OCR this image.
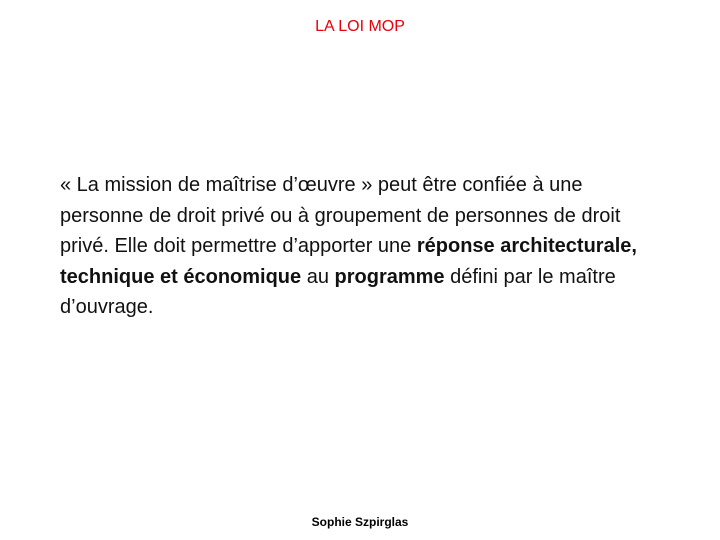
LA LOI MOP

« La mission de maîtrise d’œuvre » peut être confiée à une personne de droit privé ou à groupement de personnes de droit privé. Elle doit permettre d’apporter une réponse architecturale, technique et économique au programme défini par le maître d’ouvrage.

Sophie Szpirglas
